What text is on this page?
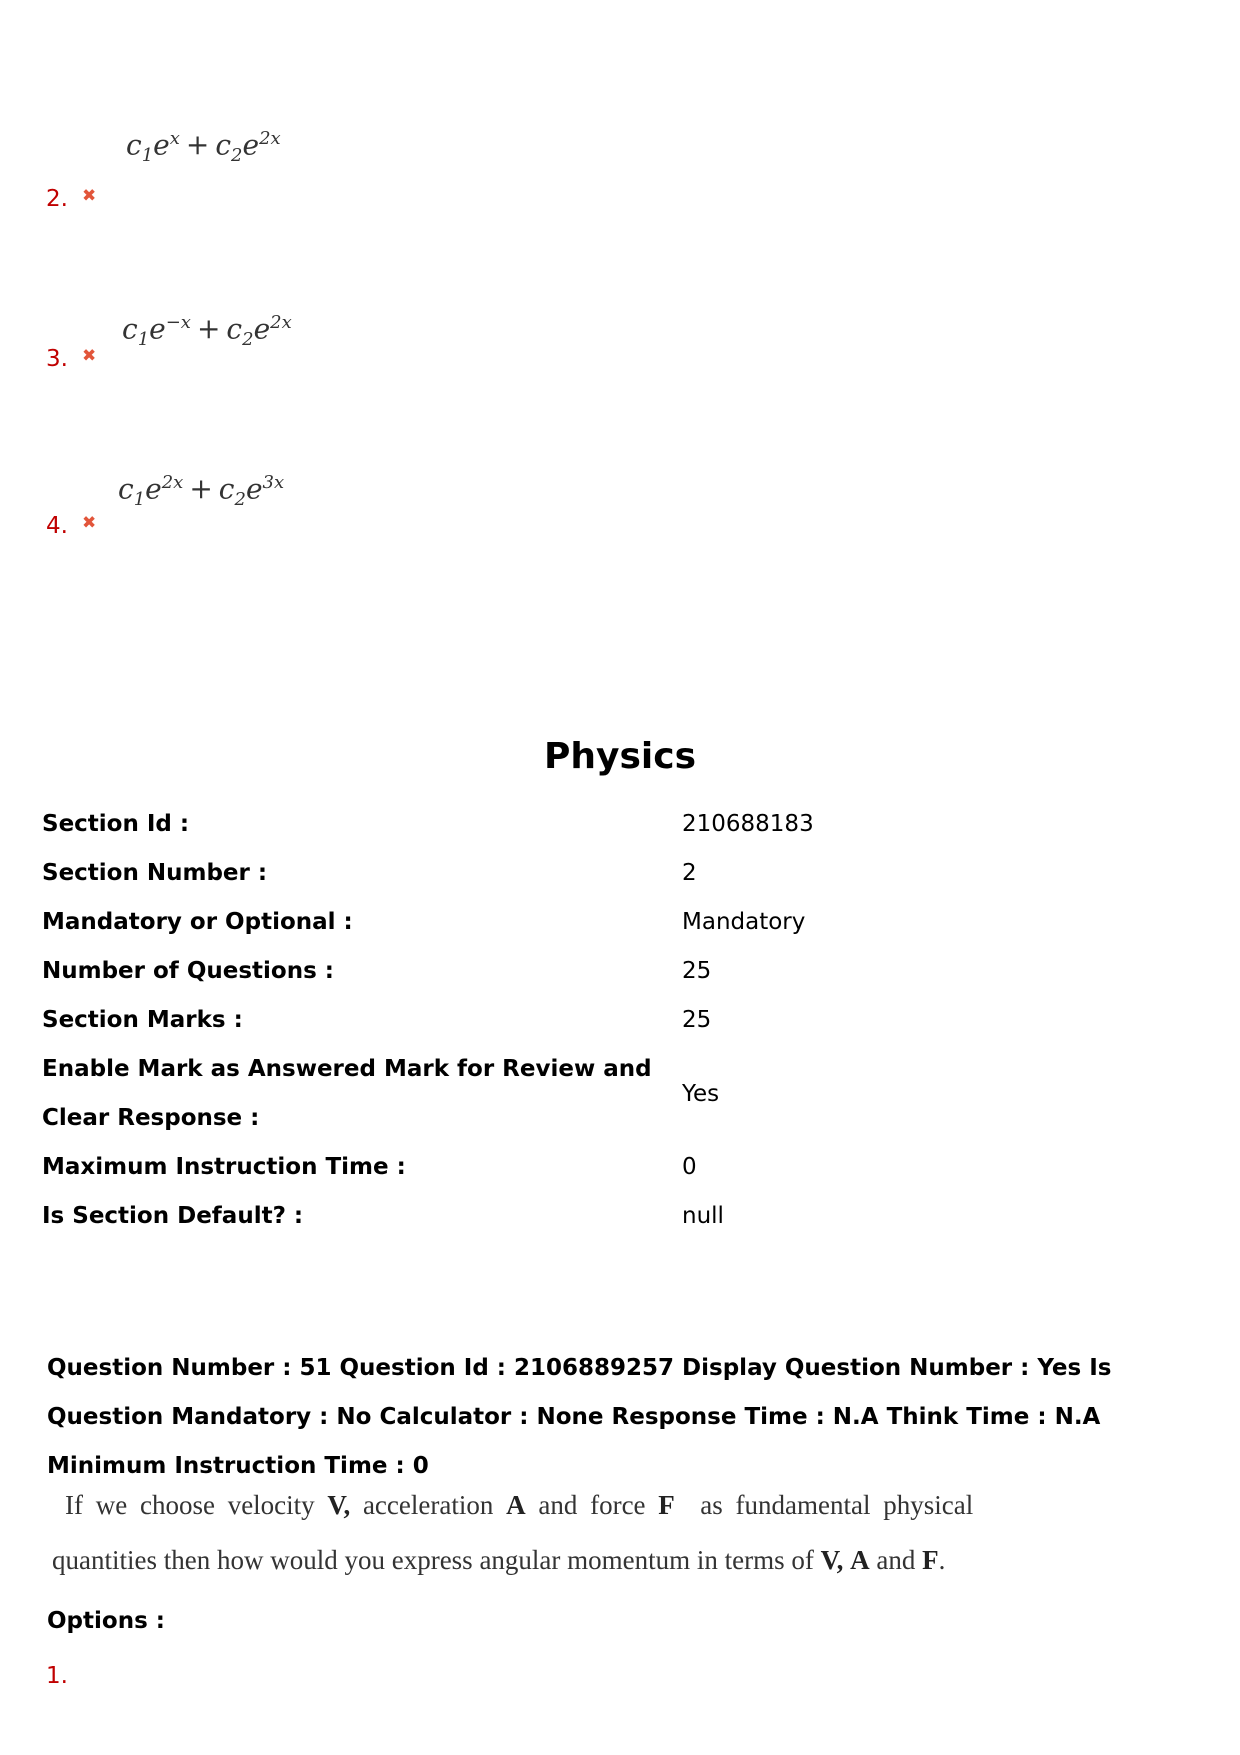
2. ✖
$c_1e^x + c_2e^{2x}$
3. ✖
$c_1e^{-x} + c_2e^{2x}$
4. ✖
$c_1e^{2x} + c_2e^{3x}$
Physics
Section Id :	210688183
Section Number :	2
Mandatory or Optional :	Mandatory
Number of Questions :	25
Section Marks :	25
Enable Mark as Answered Mark for Review and Clear Response :
Yes
Maximum Instruction Time :	0
Is Section Default? :	null
Question Number : 51 Question Id : 2106889257 Display Question Number : Yes Is Question Mandatory : No Calculator : None Response Time : N.A Think Time : N.A Minimum Instruction Time : 0
If we choose velocity V, acceleration A and force F as fundamental physical
quantities then how would you express angular momentum in terms of V, A and F.
Options :
1.
